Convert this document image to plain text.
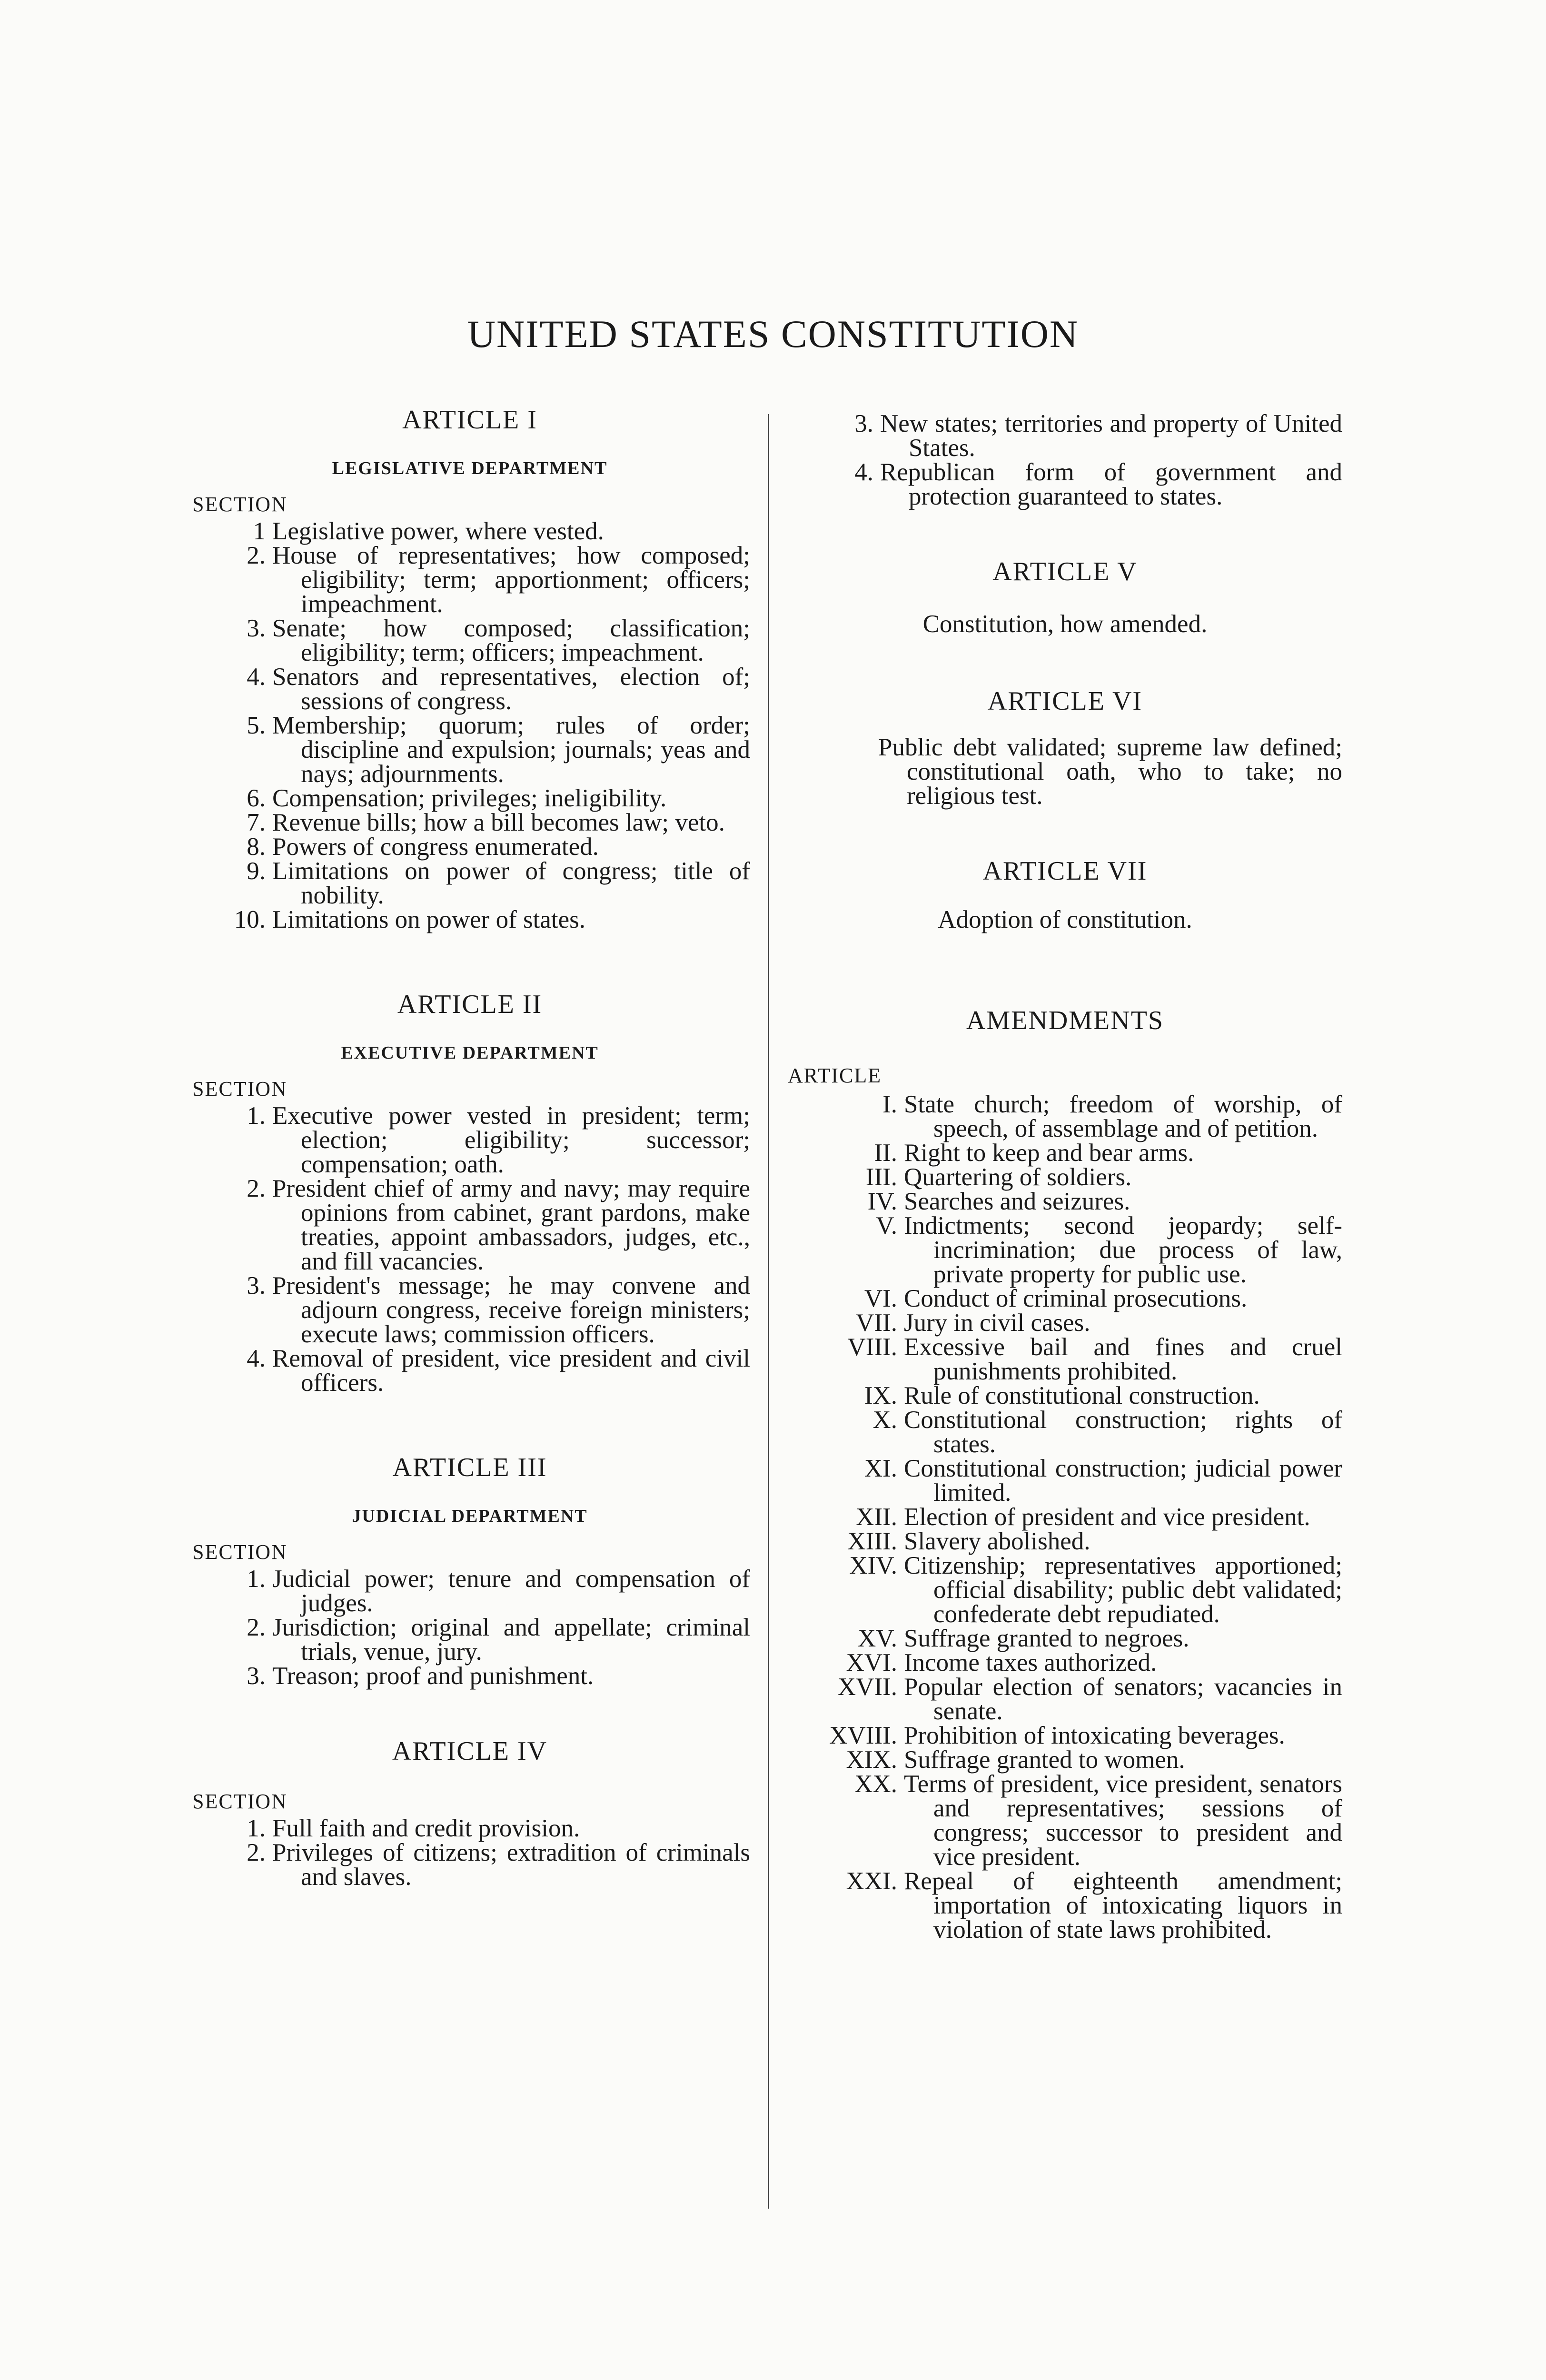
UNITED STATES CONSTITUTION
ARTICLE I
LEGISLATIVE DEPARTMENT
SECTION
1 Legislative power, where vested.
2. House of representatives; how composed; eligibility; term; apportionment; officers; impeachment.
3. Senate; how composed; classification; eligibility; term; officers; impeachment.
4. Senators and representatives, election of; sessions of congress.
5. Membership; quorum; rules of order; discipline and expulsion; journals; yeas and nays; adjournments.
6. Compensation; privileges; ineligibility.
7. Revenue bills; how a bill becomes law; veto.
8. Powers of congress enumerated.
9. Limitations on power of congress; title of nobility.
10. Limitations on power of states.
ARTICLE II
EXECUTIVE DEPARTMENT
SECTION
1. Executive power vested in president; term; election; eligibility; successor; compensation; oath.
2. President chief of army and navy; may require opinions from cabinet, grant pardons, make treaties, appoint ambassadors, judges, etc., and fill vacancies.
3. President's message; he may convene and adjourn congress, receive foreign ministers; execute laws; commission officers.
4. Removal of president, vice president and civil officers.
ARTICLE III
JUDICIAL DEPARTMENT
SECTION
1. Judicial power; tenure and compensation of judges.
2. Jurisdiction; original and appellate; criminal trials, venue, jury.
3. Treason; proof and punishment.
ARTICLE IV
SECTION
1. Full faith and credit provision.
2. Privileges of citizens; extradition of criminals and slaves.
3. New states; territories and property of United States.
4. Republican form of government and protection guaranteed to states.
ARTICLE V
Constitution, how amended.
ARTICLE VI
Public debt validated; supreme law defined; constitutional oath, who to take; no religious test.
ARTICLE VII
Adoption of constitution.
AMENDMENTS
ARTICLE
I. State church; freedom of worship, of speech, of assemblage and of petition.
II. Right to keep and bear arms.
III. Quartering of soldiers.
IV. Searches and seizures.
V. Indictments; second jeopardy; self-incrimination; due process of law, private property for public use.
VI. Conduct of criminal prosecutions.
VII. Jury in civil cases.
VIII. Excessive bail and fines and cruel punishments prohibited.
IX. Rule of constitutional construction.
X. Constitutional construction; rights of states.
XI. Constitutional construction; judicial power limited.
XII. Election of president and vice president.
XIII. Slavery abolished.
XIV. Citizenship; representatives apportioned; official disability; public debt validated; confederate debt repudiated.
XV. Suffrage granted to negroes.
XVI. Income taxes authorized.
XVII. Popular election of senators; vacancies in senate.
XVIII. Prohibition of intoxicating beverages.
XIX. Suffrage granted to women.
XX. Terms of president, vice president, senators and representatives; sessions of congress; successor to president and vice president.
XXI. Repeal of eighteenth amendment; importation of intoxicating liquors in violation of state laws prohibited.
